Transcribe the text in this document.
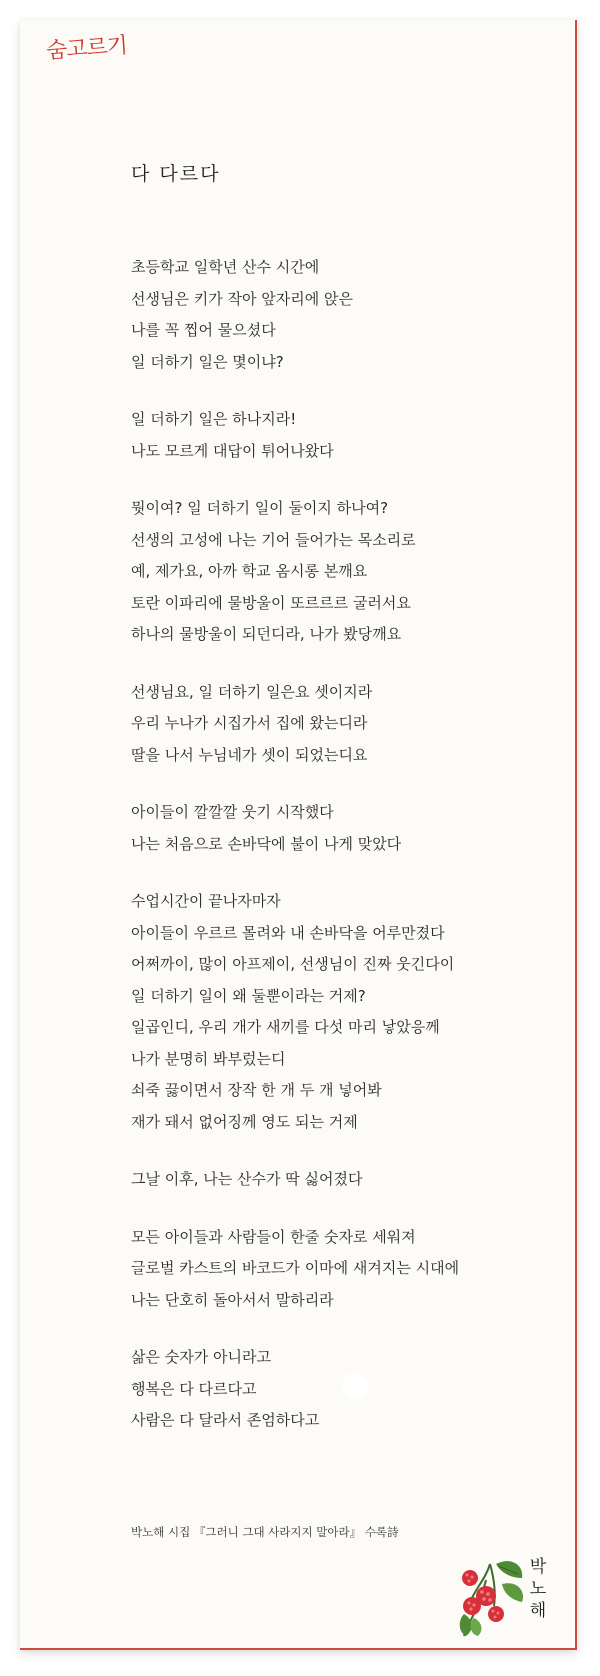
숨고르기
다 다르다
초등학교 일학년 산수 시간에
선생님은 키가 작아 앞자리에 앉은
나를 꼭 찝어 물으셨다
일 더하기 일은 몇이냐?
일 더하기 일은 하나지라!
나도 모르게 대답이 튀어나왔다
뭣이여? 일 더하기 일이 둘이지 하나여?
선생의 고성에 나는 기어 들어가는 목소리로
예, 제가요, 아까 학교 옴시롱 본깨요
토란 이파리에 물방울이 또르르르 굴러서요
하나의 물방울이 되던디라, 나가 봤당깨요
선생님요, 일 더하기 일은요 셋이지라
우리 누나가 시집가서 집에 왔는디라
딸을 나서 누님네가 셋이 되었는디요
아이들이 깔깔깔 웃기 시작했다
나는 처음으로 손바닥에 불이 나게 맞았다
수업시간이 끝나자마자
아이들이 우르르 몰려와 내 손바닥을 어루만졌다
어쩌까이, 많이 아프제이, 선생님이 진짜 웃긴다이
일 더하기 일이 왜 둘뿐이라는 거제?
일곱인디, 우리 개가 새끼를 다섯 마리 낳았응께
나가 분명히 봐부렀는디
쇠죽 끓이면서 장작 한 개 두 개 넣어봐
재가 돼서 없어징께 영도 되는 거제
그날 이후, 나는 산수가 딱 싫어졌다
모든 아이들과 사람들이 한줄 숫자로 세워져
글로벌 카스트의 바코드가 이마에 새겨지는 시대에
나는 단호히 돌아서서 말하리라
삶은 숫자가 아니라고
행복은 다 다르다고
사람은 다 달라서 존엄하다고
박노해 시집 『그러니 그대 사라지지 말아라』 수록詩
박
노
해
